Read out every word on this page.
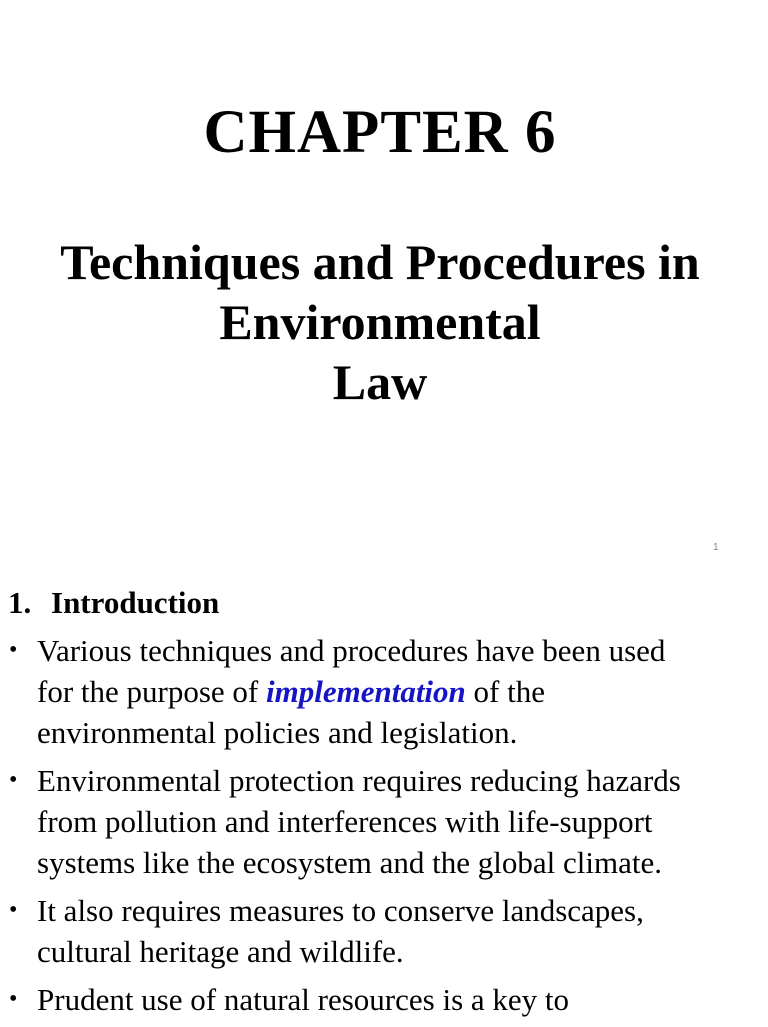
CHAPTER 6
Techniques and Procedures in
Environmental
Law
1
1. Introduction
• Various techniques and procedures have been used
for the purpose of implementation of the
environmental policies and legislation.
• Environmental protection requires reducing hazards
from pollution and interferences with life-support
systems like the ecosystem and the global climate.
• It also requires measures to conserve landscapes,
cultural heritage and wildlife.
• Prudent use of natural resources is a key to
